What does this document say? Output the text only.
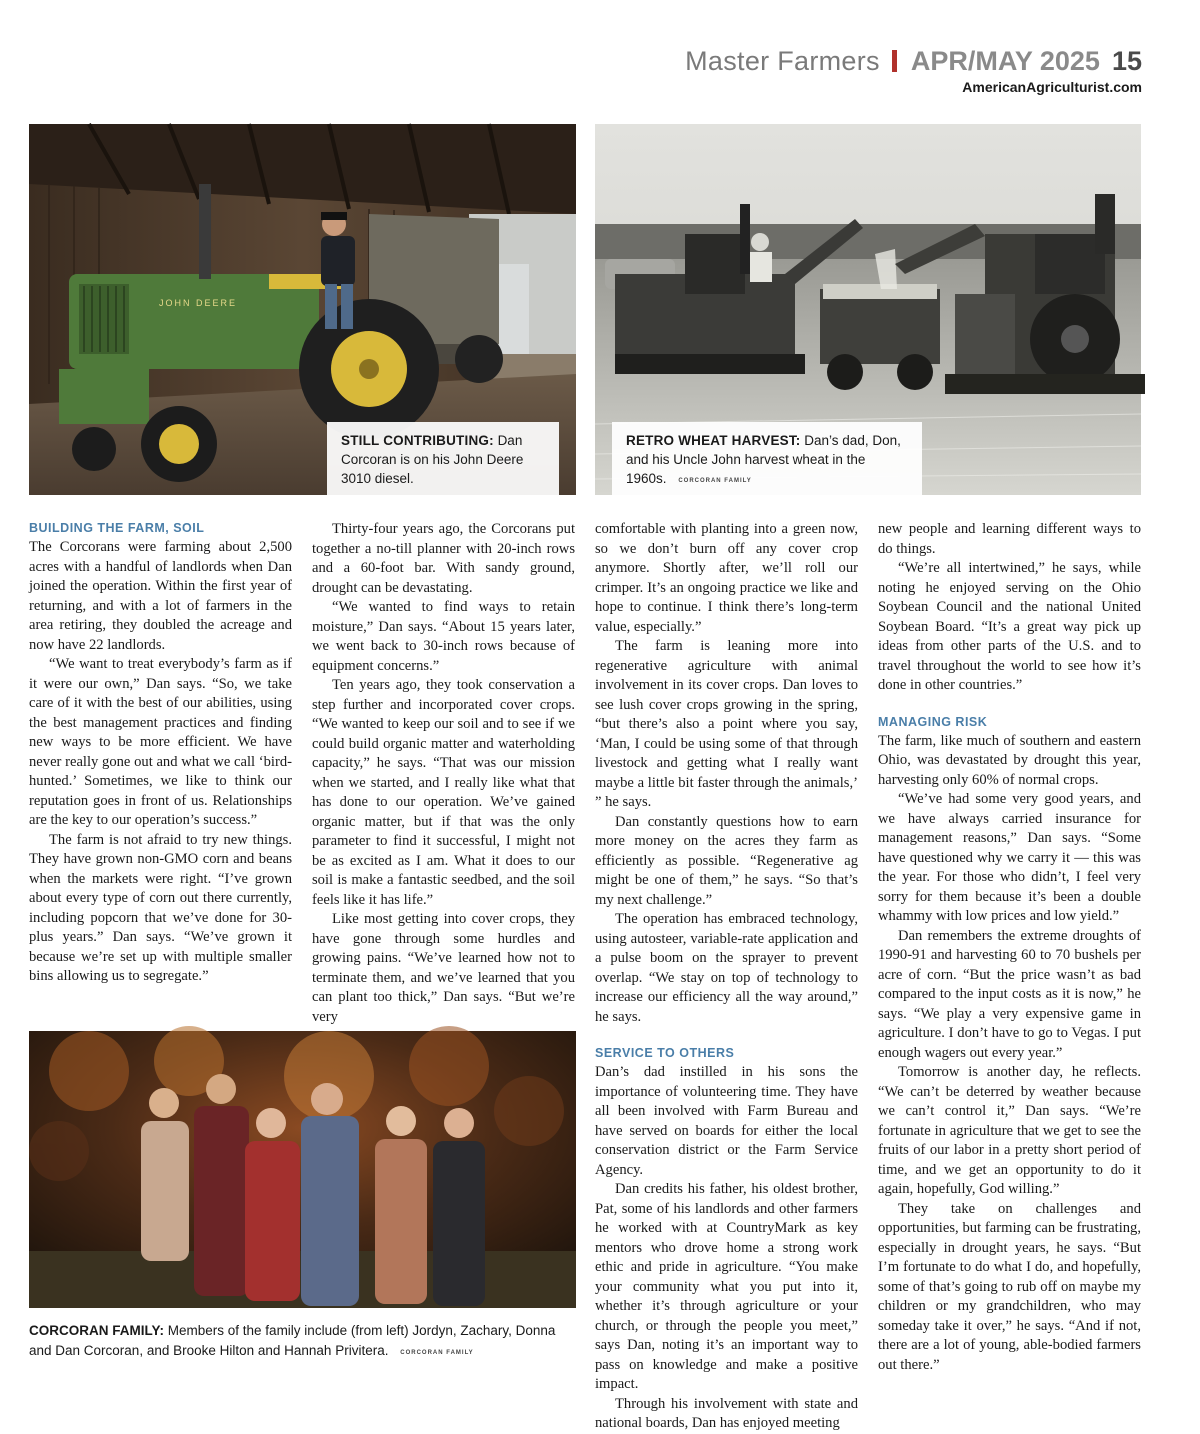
Master Farmers APR/MAY 2025 15
AmericanAgriculturist.com
JOHN DEERE
STILL CONTRIBUTING: Dan Corcoran is on his John Deere 3010 diesel.
RETRO WHEAT HARVEST: Dan’s dad, Don, and his Uncle John harvest wheat in the 1960s. CORCORAN FAMILY
BUILDING THE FARM, SOIL

The Corcorans were farming about 2,500 acres with a handful of landlords when Dan joined the operation. Within the first year of returning, and with a lot of farmers in the area retiring, they doubled the acreage and now have 22 landlords.

“We want to treat everybody’s farm as if it were our own,” Dan says. “So, we take care of it with the best of our abilities, using the best management practices and finding new ways to be more efficient. We have never really gone out and what we call ‘bird-hunted.’ Sometimes, we like to think our reputation goes in front of us. Relationships are the key to our operation’s success.”

The farm is not afraid to try new things. They have grown non-GMO corn and beans when the markets were right. “I’ve grown about every type of corn out there currently, including popcorn that we’ve done for 30-plus years.” Dan says. “We’ve grown it because we’re set up with multiple smaller bins allowing us to segregate.”

Thirty-four years ago, the Corcorans put together a no-till planner with 20-inch rows and a 60-foot bar. With sandy ground, drought can be devastating.

“We wanted to find ways to retain moisture,” Dan says. “About 15 years later, we went back to 30-inch rows because of equipment concerns.”

Ten years ago, they took conservation a step further and incorporated cover crops. “We wanted to keep our soil and to see if we could build organic matter and waterholding capacity,” he says. “That was our mission when we started, and I really like what that has done to our operation. We’ve gained organic matter, but if that was the only parameter to find it successful, I might not be as excited as I am. What it does to our soil is make a fantastic seedbed, and the soil feels like it has life.”

Like most getting into cover crops, they have gone through some hurdles and growing pains. “We’ve learned how not to terminate them, and we’ve learned that you can plant too thick,” Dan says. “But we’re very

CORCORAN FAMILY: Members of the family include (from left) Jordyn, Zachary, Donna and Dan Corcoran, and Brooke Hilton and Hannah Privitera. CORCORAN FAMILY

comfortable with planting into a green now, so we don’t burn off any cover crop anymore. Shortly after, we’ll roll our crimper. It’s an ongoing practice we like and hope to continue. I think there’s long-term value, especially.”

The farm is leaning more into regenerative agriculture with animal involvement in its cover crops. Dan loves to see lush cover crops growing in the spring, “but there’s also a point where you say, ‘Man, I could be using some of that through livestock and getting what I really want maybe a little bit faster through the animals,’ ” he says.

Dan constantly questions how to earn more money on the acres they farm as efficiently as possible. “Regenerative ag might be one of them,” he says. “So that’s my next challenge.”

The operation has embraced technology, using autosteer, variable-rate application and a pulse boom on the sprayer to prevent overlap. “We stay on top of technology to increase our efficiency all the way around,” he says.

SERVICE TO OTHERS

Dan’s dad instilled in his sons the importance of volunteering time. They have all been involved with Farm Bureau and have served on boards for either the local conservation district or the Farm Service Agency.

Dan credits his father, his oldest brother, Pat, some of his landlords and other farmers he worked with at CountryMark as key mentors who drove home a strong work ethic and pride in agriculture. “You make your community what you put into it, whether it’s through agriculture or your church, or through the people you meet,” says Dan, noting it’s an important way to pass on knowledge and make a positive impact.

Through his involvement with state and national boards, Dan has enjoyed meeting

new people and learning different ways to do things.

“We’re all intertwined,” he says, while noting he enjoyed serving on the Ohio Soybean Council and the national United Soybean Board. “It’s a great way pick up ideas from other parts of the U.S. and to travel throughout the world to see how it’s done in other countries.”

MANAGING RISK

The farm, like much of southern and eastern Ohio, was devastated by drought this year, harvesting only 60% of normal crops.

“We’ve had some very good years, and we have always carried insurance for management reasons,” Dan says. “Some have questioned why we carry it — this was the year. For those who didn’t, I feel very sorry for them because it’s been a double whammy with low prices and low yield.”

Dan remembers the extreme droughts of 1990-91 and harvesting 60 to 70 bushels per acre of corn. “But the price wasn’t as bad compared to the input costs as it is now,” he says. “We play a very expensive game in agriculture. I don’t have to go to Vegas. I put enough wagers out every year.”

Tomorrow is another day, he reflects. “We can’t be deterred by weather because we can’t control it,” Dan says. “We’re fortunate in agriculture that we get to see the fruits of our labor in a pretty short period of time, and we get an opportunity to do it again, hopefully, God willing.”

They take on challenges and opportunities, but farming can be frustrating, especially in drought years, he says. “But I’m fortunate to do what I do, and hopefully, some of that’s going to rub off on maybe my children or my grandchildren, who may someday take it over,” he says. “And if not, there are a lot of young, able-bodied farmers out there.”
